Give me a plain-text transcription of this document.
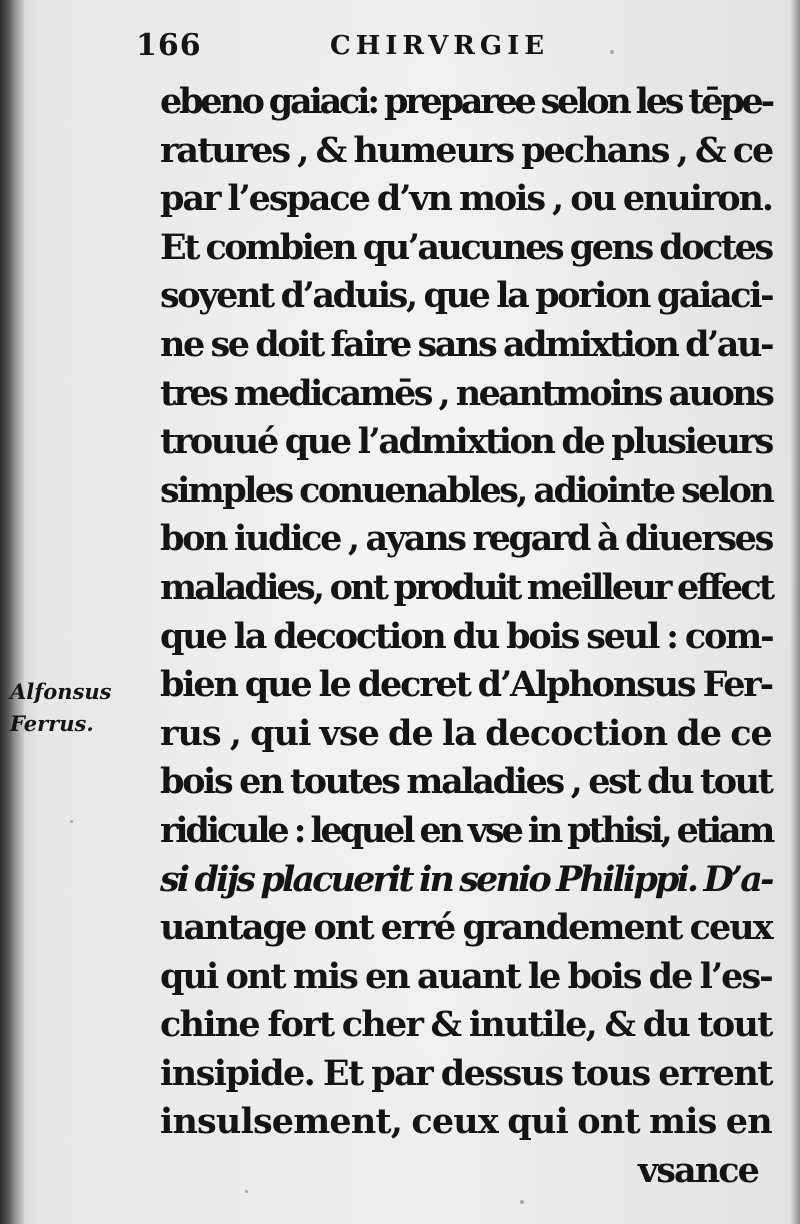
166	CHIRVRGIE
Alfonsus
Ferrus.
ebeno gaiaci: preparee selon les tēpe-
ratures , & humeurs pechans , & ce
par l’espace d’vn mois , ou enuiron.
Et combien qu’aucunes gens doctes
soyent d’aduis, que la porion gaiaci-
ne se doit faire sans admixtion d’au-
tres medicamēs , neantmoins auons
trouué que l’admixtion de plusieurs
simples conuenables, adiointe selon
bon iudice , ayans regard à diuerses
maladies, ont produit meilleur effect
que la decoction du bois seul : com-
bien que le decret d’Alphonsus Fer-
rus , qui vse de la decoction de ce
bois en toutes maladies , est du tout
ridicule : lequel en vse in pthisi, etiam
si dijs placuerit in senio Philippi. D’a-
uantage ont erré grandement ceux
qui ont mis en auant le bois de l’es-
chine fort cher & inutile, & du tout
insipide. Et par dessus tous errent
insulsement, ceux qui ont mis en
vsance
